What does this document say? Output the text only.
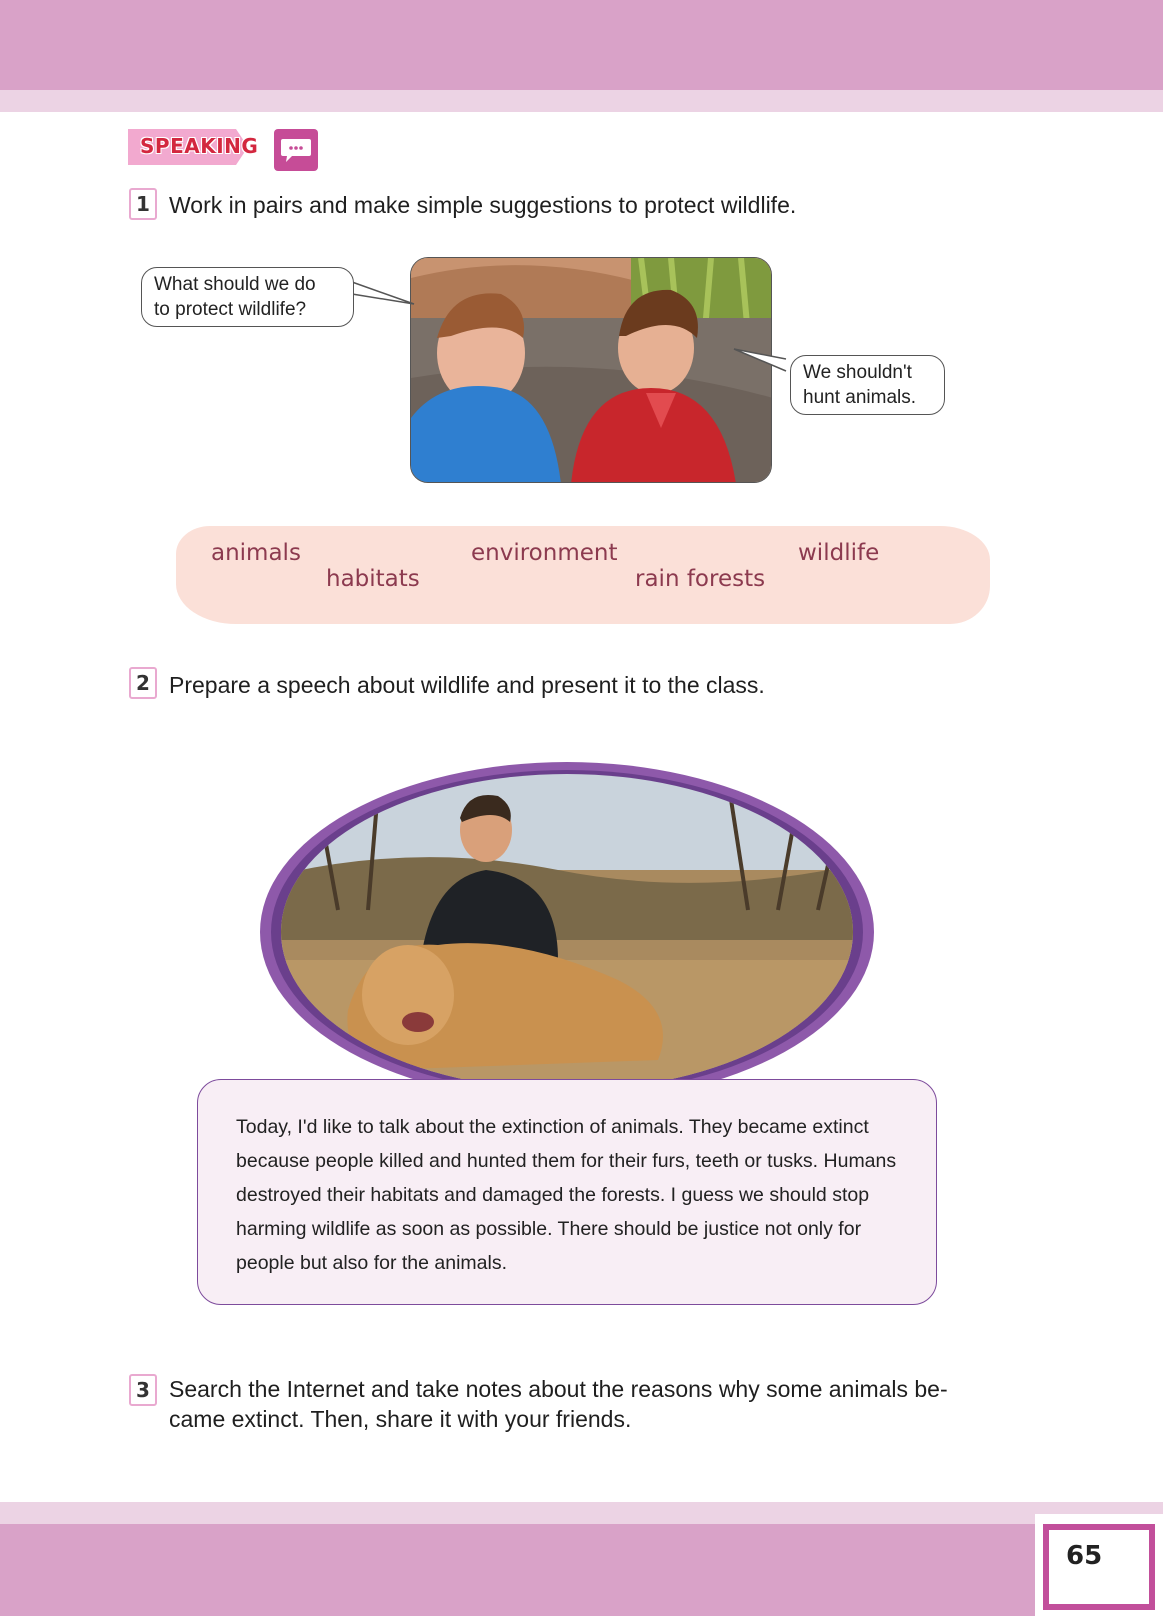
SPEAKING
1 Work in pairs and make simple suggestions to protect wildlife.
What should we do
to protect wildlife?
We shouldn't
hunt animals.
animals
habitats
environment
rain forests
wildlife
2 Prepare a speech about wildlife and present it to the class.
Today, I'd like to talk about the extinction of animals. They became extinct
because people killed and hunted them for their furs, teeth or tusks. Humans
destroyed their habitats and damaged the forests. I guess we should stop
harming wildlife as soon as possible. There should be justice not only for
people but also for the animals.
3 Search the Internet and take notes about the reasons why some animals be-
came extinct. Then, share it with your friends.
65
